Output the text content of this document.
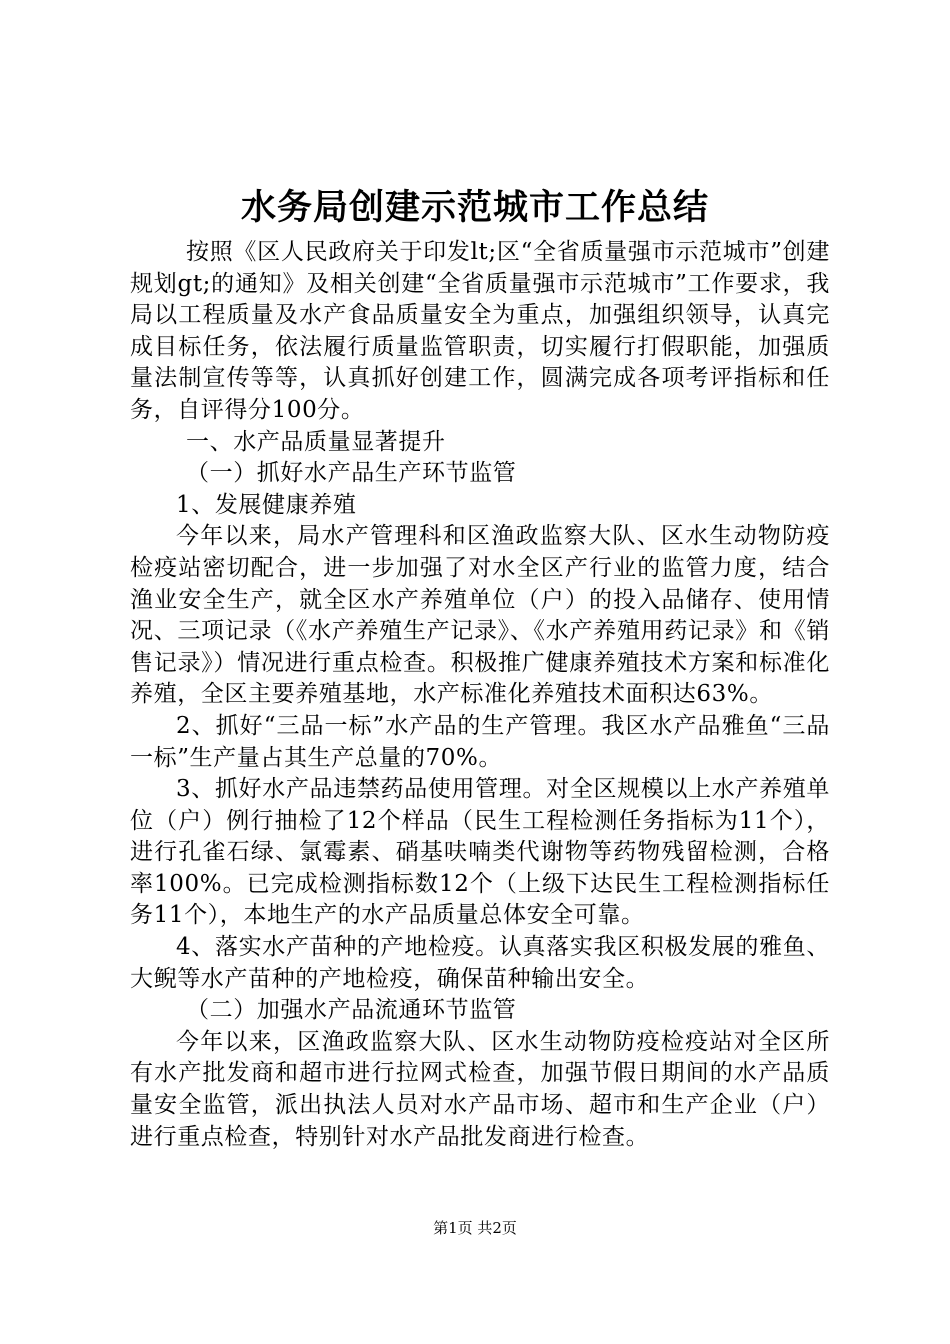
水务局创建示范城市工作总结

按照《区人民政府关于印发lt;区“全省质量强市示范城市”创建规划gt;的通知》及相关创建“全省质量强市示范城市”工作要求，我局以工程质量及水产食品质量安全为重点，加强组织领导，认真完成目标任务，依法履行质量监管职责，切实履行打假职能，加强质量法制宣传等等，认真抓好创建工作，圆满完成各项考评指标和任务，自评得分100分。

一、水产品质量显著提升

（一）抓好水产品生产环节监管

1、发展健康养殖

今年以来，局水产管理科和区渔政监察大队、区水生动物防疫检疫站密切配合，进一步加强了对水全区产行业的监管力度，结合渔业安全生产，就全区水产养殖单位（户）的投入品储存、使用情况、三项记录（《水产养殖生产记录》、《水产养殖用药记录》和《销售记录》）情况进行重点检查。积极推广健康养殖技术方案和标准化养殖，全区主要养殖基地，水产标准化养殖技术面积达63%。

2、抓好“三品一标”水产品的生产管理。我区水产品雅鱼“三品一标”生产量占其生产总量的70%。

3、抓好水产品违禁药品使用管理。对全区规模以上水产养殖单位（户）例行抽检了12个样品（民生工程检测任务指标为11个），进行孔雀石绿、氯霉素、硝基呋喃类代谢物等药物残留检测，合格率100%。已完成检测指标数12个（上级下达民生工程检测指标任务11个），本地生产的水产品质量总体安全可靠。

4、落实水产苗种的产地检疫。认真落实我区积极发展的雅鱼、大鲵等水产苗种的产地检疫，确保苗种输出安全。

（二）加强水产品流通环节监管

今年以来，区渔政监察大队、区水生动物防疫检疫站对全区所有水产批发商和超市进行拉网式检查，加强节假日期间的水产品质量安全监管，派出执法人员对水产品市场、超市和生产企业（户）进行重点检查，特别针对水产品批发商进行检查。

第1页 共2页
